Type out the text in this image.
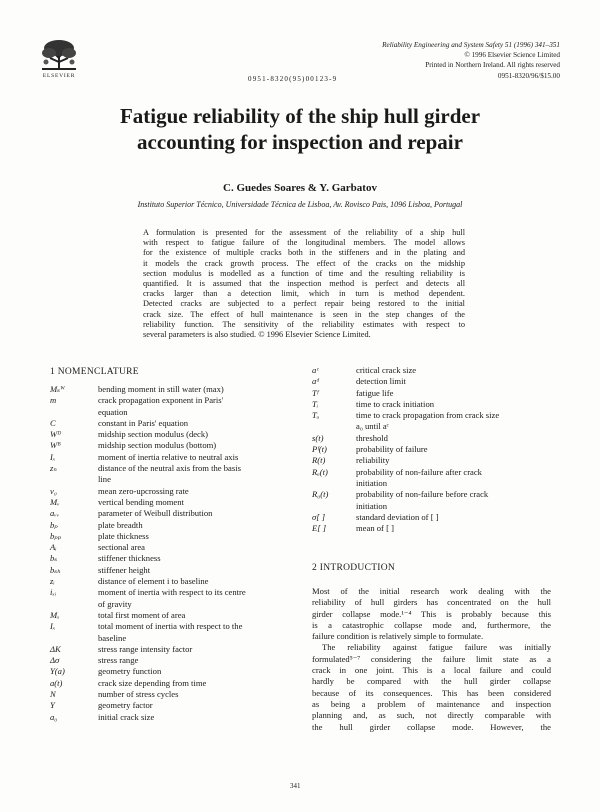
ELSEVIER	0951-8320(95)00123-9
Reliability Engineering and System Safety 51 (1996) 341–351
© 1996 Elsevier Science Limited
Printed in Northern Ireland. All rights reserved
0951-8320/96/$15.00
Fatigue reliability of the ship hull girder
accounting for inspection and repair
C. Guedes Soares & Y. Garbatov
Instituto Superior Técnico, Universidade Técnica de Lisboa, Av. Rovisco Pais, 1096 Lisboa, Portugal
A formulation is presented for the assessment of the reliability of a ship hull
with respect to fatigue failure of the longitudinal members. The model allows
for the existence of multiple cracks both in the stiffeners and in the plating and
it models the crack growth process. The effect of the cracks on the midship
section modulus is modelled as a function of time and the resulting reliability is
quantified. It is assumed that the inspection method is perfect and detects all
cracks larger than a detection limit, which in turn is method dependent.
Detected cracks are subjected to a perfect repair being restored to the initial
crack size. The effect of hull maintenance is seen in the step changes of the
reliability function. The sensitivity of the reliability estimates with respect to
several parameters is also studied. © 1996 Elsevier Science Limited.
1 NOMENCLATURE
Mₛᵂ	bending moment in still water (max)
m	crack propagation exponent in Paris'
equation
C	constant in Paris' equation
Wᴰ	midship section modulus (deck)
Wᴮ	midship section modulus (bottom)
Iₓ	moment of inertia relative to neutral axis
zₙ	distance of the neutral axis from the basis
line
ν₀	mean zero-upcrossing rate
Mᵥ	vertical bending moment
aᵥᵥ	parameter of Weibull distribution
bₚ	plate breadth
bₚₚ	plate thickness
Aᵢ	sectional area
bₛ	stiffener thickness
bₛₕ	stiffener height
zᵢ	distance of element i to baseline
iₓᵢ	moment of inertia with respect to its centre
of gravity
Mₓ	total first moment of area
Iₓ	total moment of inertia with respect to the
baseline
ΔK	stress range intensity factor
Δσ	stress range
Y(a)	geometry function
a(t)	crack size depending from time
N	number of stress cycles
Y	geometry factor
a₀	initial crack size
aᶜ	critical crack size
aᵈ	detection limit
Tᶠ	fatigue life
Tᵢ	time to crack initiation
Tₐ	time to crack propagation from crack size
a₀ until aᶜ
s(t)	threshold
Pᶠ(t)	probability of failure
R(t)	reliability
Rₐ(t)	probability of non-failure after crack
initiation
R₀(t)	probability of non-failure before crack
initiation
σ[ ]	standard deviation of [ ]
E[ ]	mean of [ ]
2 INTRODUCTION
Most of the initial research work dealing with the
reliability of hull girders has concentrated on the hull
girder collapse mode.¹⁻⁴ This is probably because this
is a catastrophic collapse mode and, furthermore, the
failure condition is relatively simple to formulate.
The reliability against fatigue failure was initially
formulated⁵⁻⁷ considering the failure limit state as a
crack in one joint. This is a local failure and could
hardly be compared with the hull girder collapse
because of its consequences. This has been considered
as being a problem of maintenance and inspection
planning and, as such, not directly comparable with
the hull girder collapse mode. However, the
341
